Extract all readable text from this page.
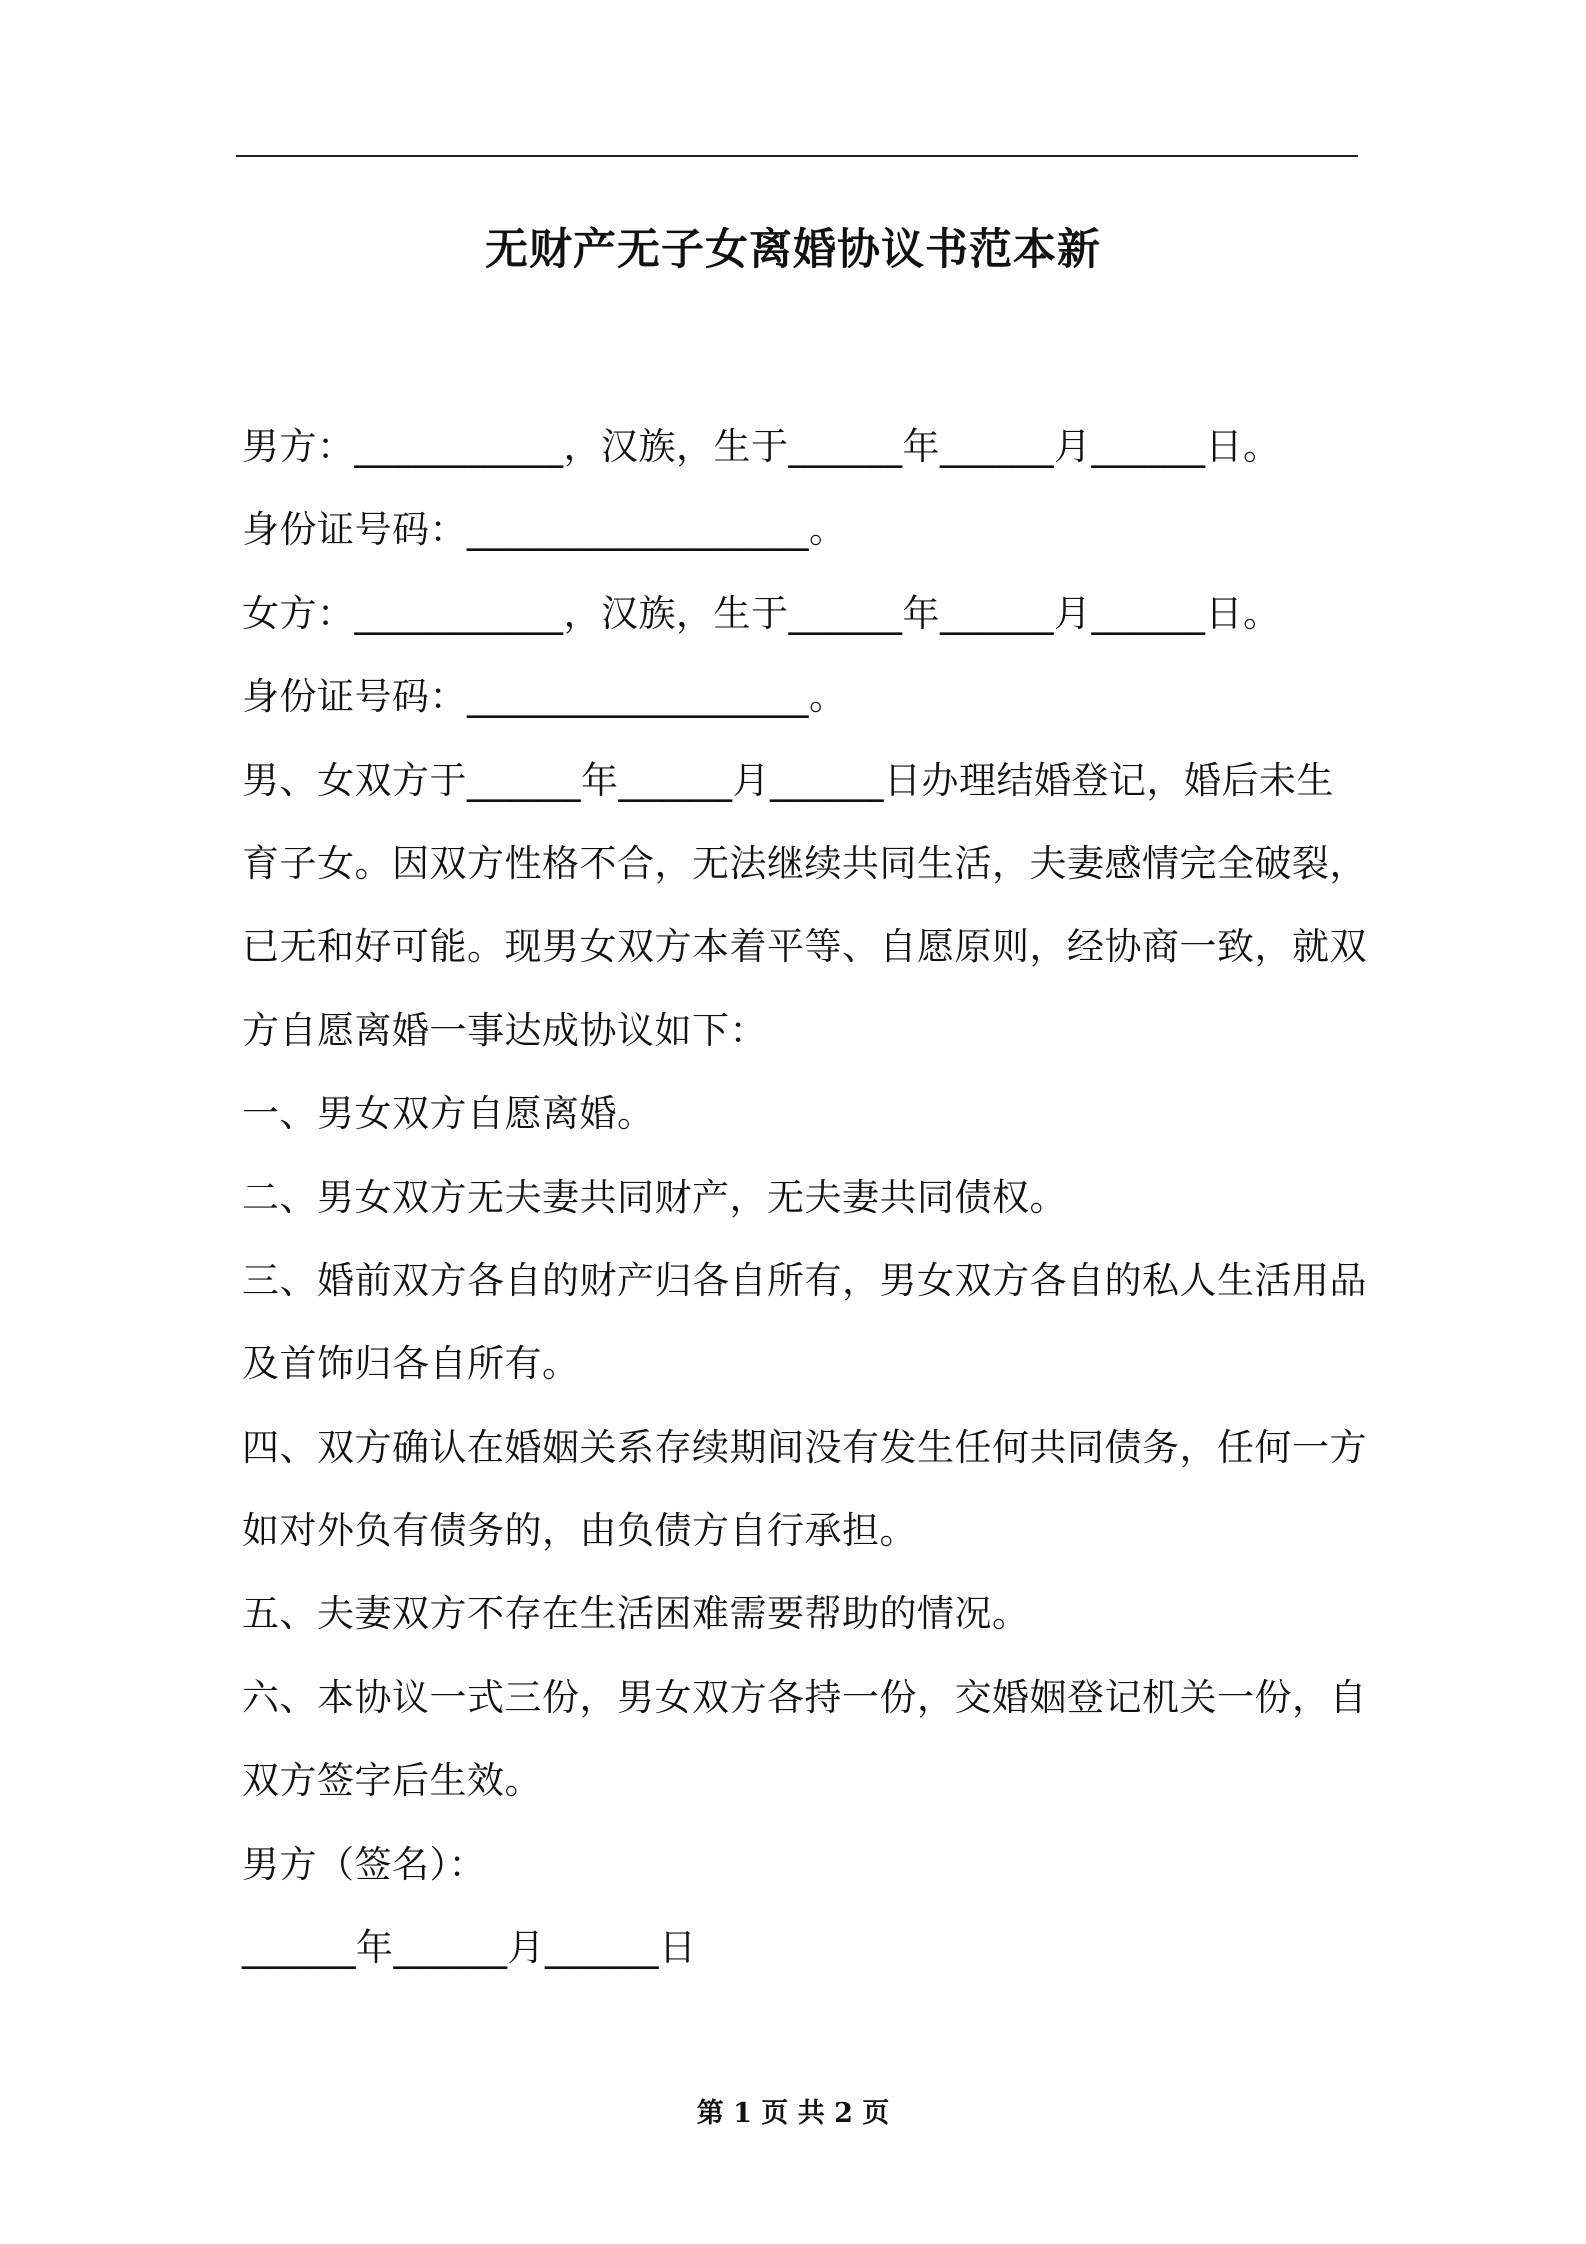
无财产无子女离婚协议书范本新
男方：___________，汉族，生于______年______月______日。
身份证号码：__________________。
女方：___________，汉族，生于______年______月______日。
身份证号码：__________________。
男、女双方于______年______月______日办理结婚登记，婚后未生
育子女。因双方性格不合，无法继续共同生活，夫妻感情完全破裂，
已无和好可能。现男女双方本着平等、自愿原则，经协商一致，就双
方自愿离婚一事达成协议如下：
一、男女双方自愿离婚。
二、男女双方无夫妻共同财产，无夫妻共同债权。
三、婚前双方各自的财产归各自所有，男女双方各自的私人生活用品
及首饰归各自所有。
四、双方确认在婚姻关系存续期间没有发生任何共同债务，任何一方
如对外负有债务的，由负债方自行承担。
五、夫妻双方不存在生活困难需要帮助的情况。
六、本协议一式三份，男女双方各持一份，交婚姻登记机关一份，自
双方签字后生效。
男方（签名）：
______年______月______日
第 1 页 共 2 页
